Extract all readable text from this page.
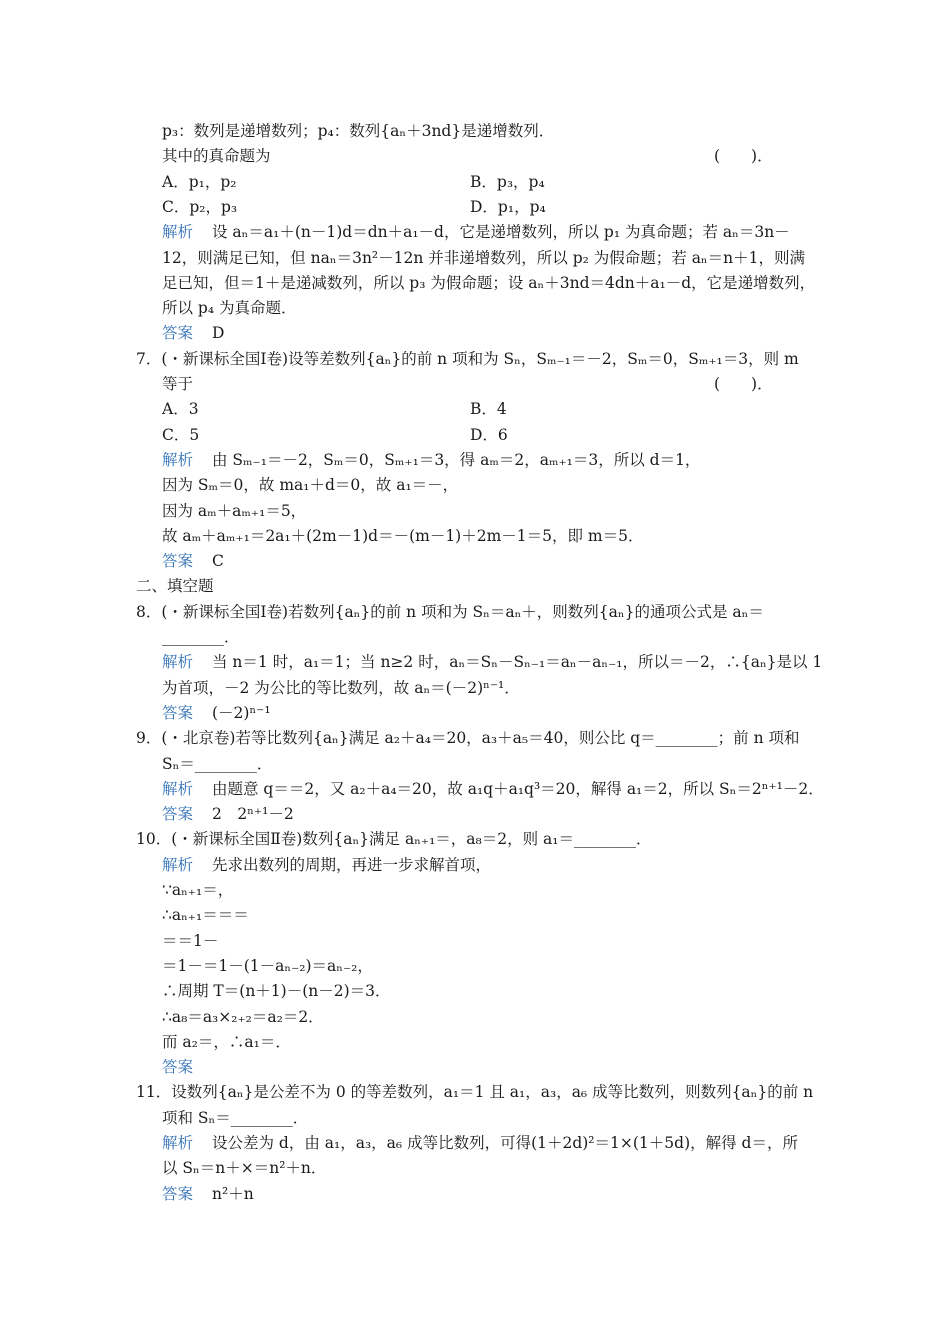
p₃：数列是递增数列；p₄：数列{aₙ＋3nd}是递增数列．
其中的真命题为	(　　)．
A．p₁，p₂	B．p₃，p₄
C．p₂，p₃	D．p₁，p₄
解析 设 aₙ＝a₁＋(n－1)d＝dn＋a₁－d，它是递增数列，所以 p₁ 为真命题；若 aₙ＝3n－
12，则满足已知，但 naₙ＝3n²－12n 并非递增数列，所以 p₂ 为假命题；若 aₙ＝n＋1，则满
足已知，但＝1＋是递减数列，所以 p₃ 为假命题；设 aₙ＋3nd＝4dn＋a₁－d，它是递增数列，
所以 p₄ 为真命题．
答案 D
7．(・新课标全国Ⅰ卷)设等差数列{aₙ}的前 n 项和为 Sₙ，Sₘ₋₁＝－2，Sₘ＝0，Sₘ₊₁＝3，则 m
等于	(　　)．
A．3	B．4
C．5	D．6
解析 由 Sₘ₋₁＝－2，Sₘ＝0，Sₘ₊₁＝3，得 aₘ＝2，aₘ₊₁＝3，所以 d＝1，
因为 Sₘ＝0，故 ma₁＋d＝0，故 a₁＝－，
因为 aₘ＋aₘ₊₁＝5，
故 aₘ＋aₘ₊₁＝2a₁＋(2m－1)d＝－(m－1)＋2m－1＝5，即 m＝5．
答案 C
二、填空题
8．(・新课标全国Ⅰ卷)若数列{aₙ}的前 n 项和为 Sₙ＝aₙ＋，则数列{aₙ}的通项公式是 aₙ＝
________．
解析 当 n＝1 时，a₁＝1；当 n≥2 时，aₙ＝Sₙ－Sₙ₋₁＝aₙ－aₙ₋₁，所以＝－2，∴{aₙ}是以 1
为首项，－2 为公比的等比数列，故 aₙ＝(－2)ⁿ⁻¹．
答案 (－2)ⁿ⁻¹
9．(・北京卷)若等比数列{aₙ}满足 a₂＋a₄＝20，a₃＋a₅＝40，则公比 q＝________；前 n 项和
Sₙ＝________．
解析 由题意 q＝＝2，又 a₂＋a₄＝20，故 a₁q＋a₁q³＝20，解得 a₁＝2，所以 Sₙ＝2ⁿ⁺¹－2．
答案 2　2ⁿ⁺¹－2
10．(・新课标全国Ⅱ卷)数列{aₙ}满足 aₙ₊₁＝，a₈＝2，则 a₁＝________．
解析 先求出数列的周期，再进一步求解首项，
∵aₙ₊₁＝，
∴aₙ₊₁＝＝＝
＝＝1－
＝1－＝1－(1－aₙ₋₂)＝aₙ₋₂，
∴周期 T＝(n＋1)－(n－2)＝3．
∴a₈＝a₃×₂₊₂＝a₂＝2．
而 a₂＝，∴a₁＝．
答案
11．设数列{aₙ}是公差不为 0 的等差数列，a₁＝1 且 a₁，a₃，a₆ 成等比数列，则数列{aₙ}的前 n
项和 Sₙ＝________．
解析 设公差为 d，由 a₁，a₃，a₆ 成等比数列，可得(1＋2d)²＝1×(1＋5d)，解得 d＝，所
以 Sₙ＝n＋×＝n²＋n．
答案 n²＋n
